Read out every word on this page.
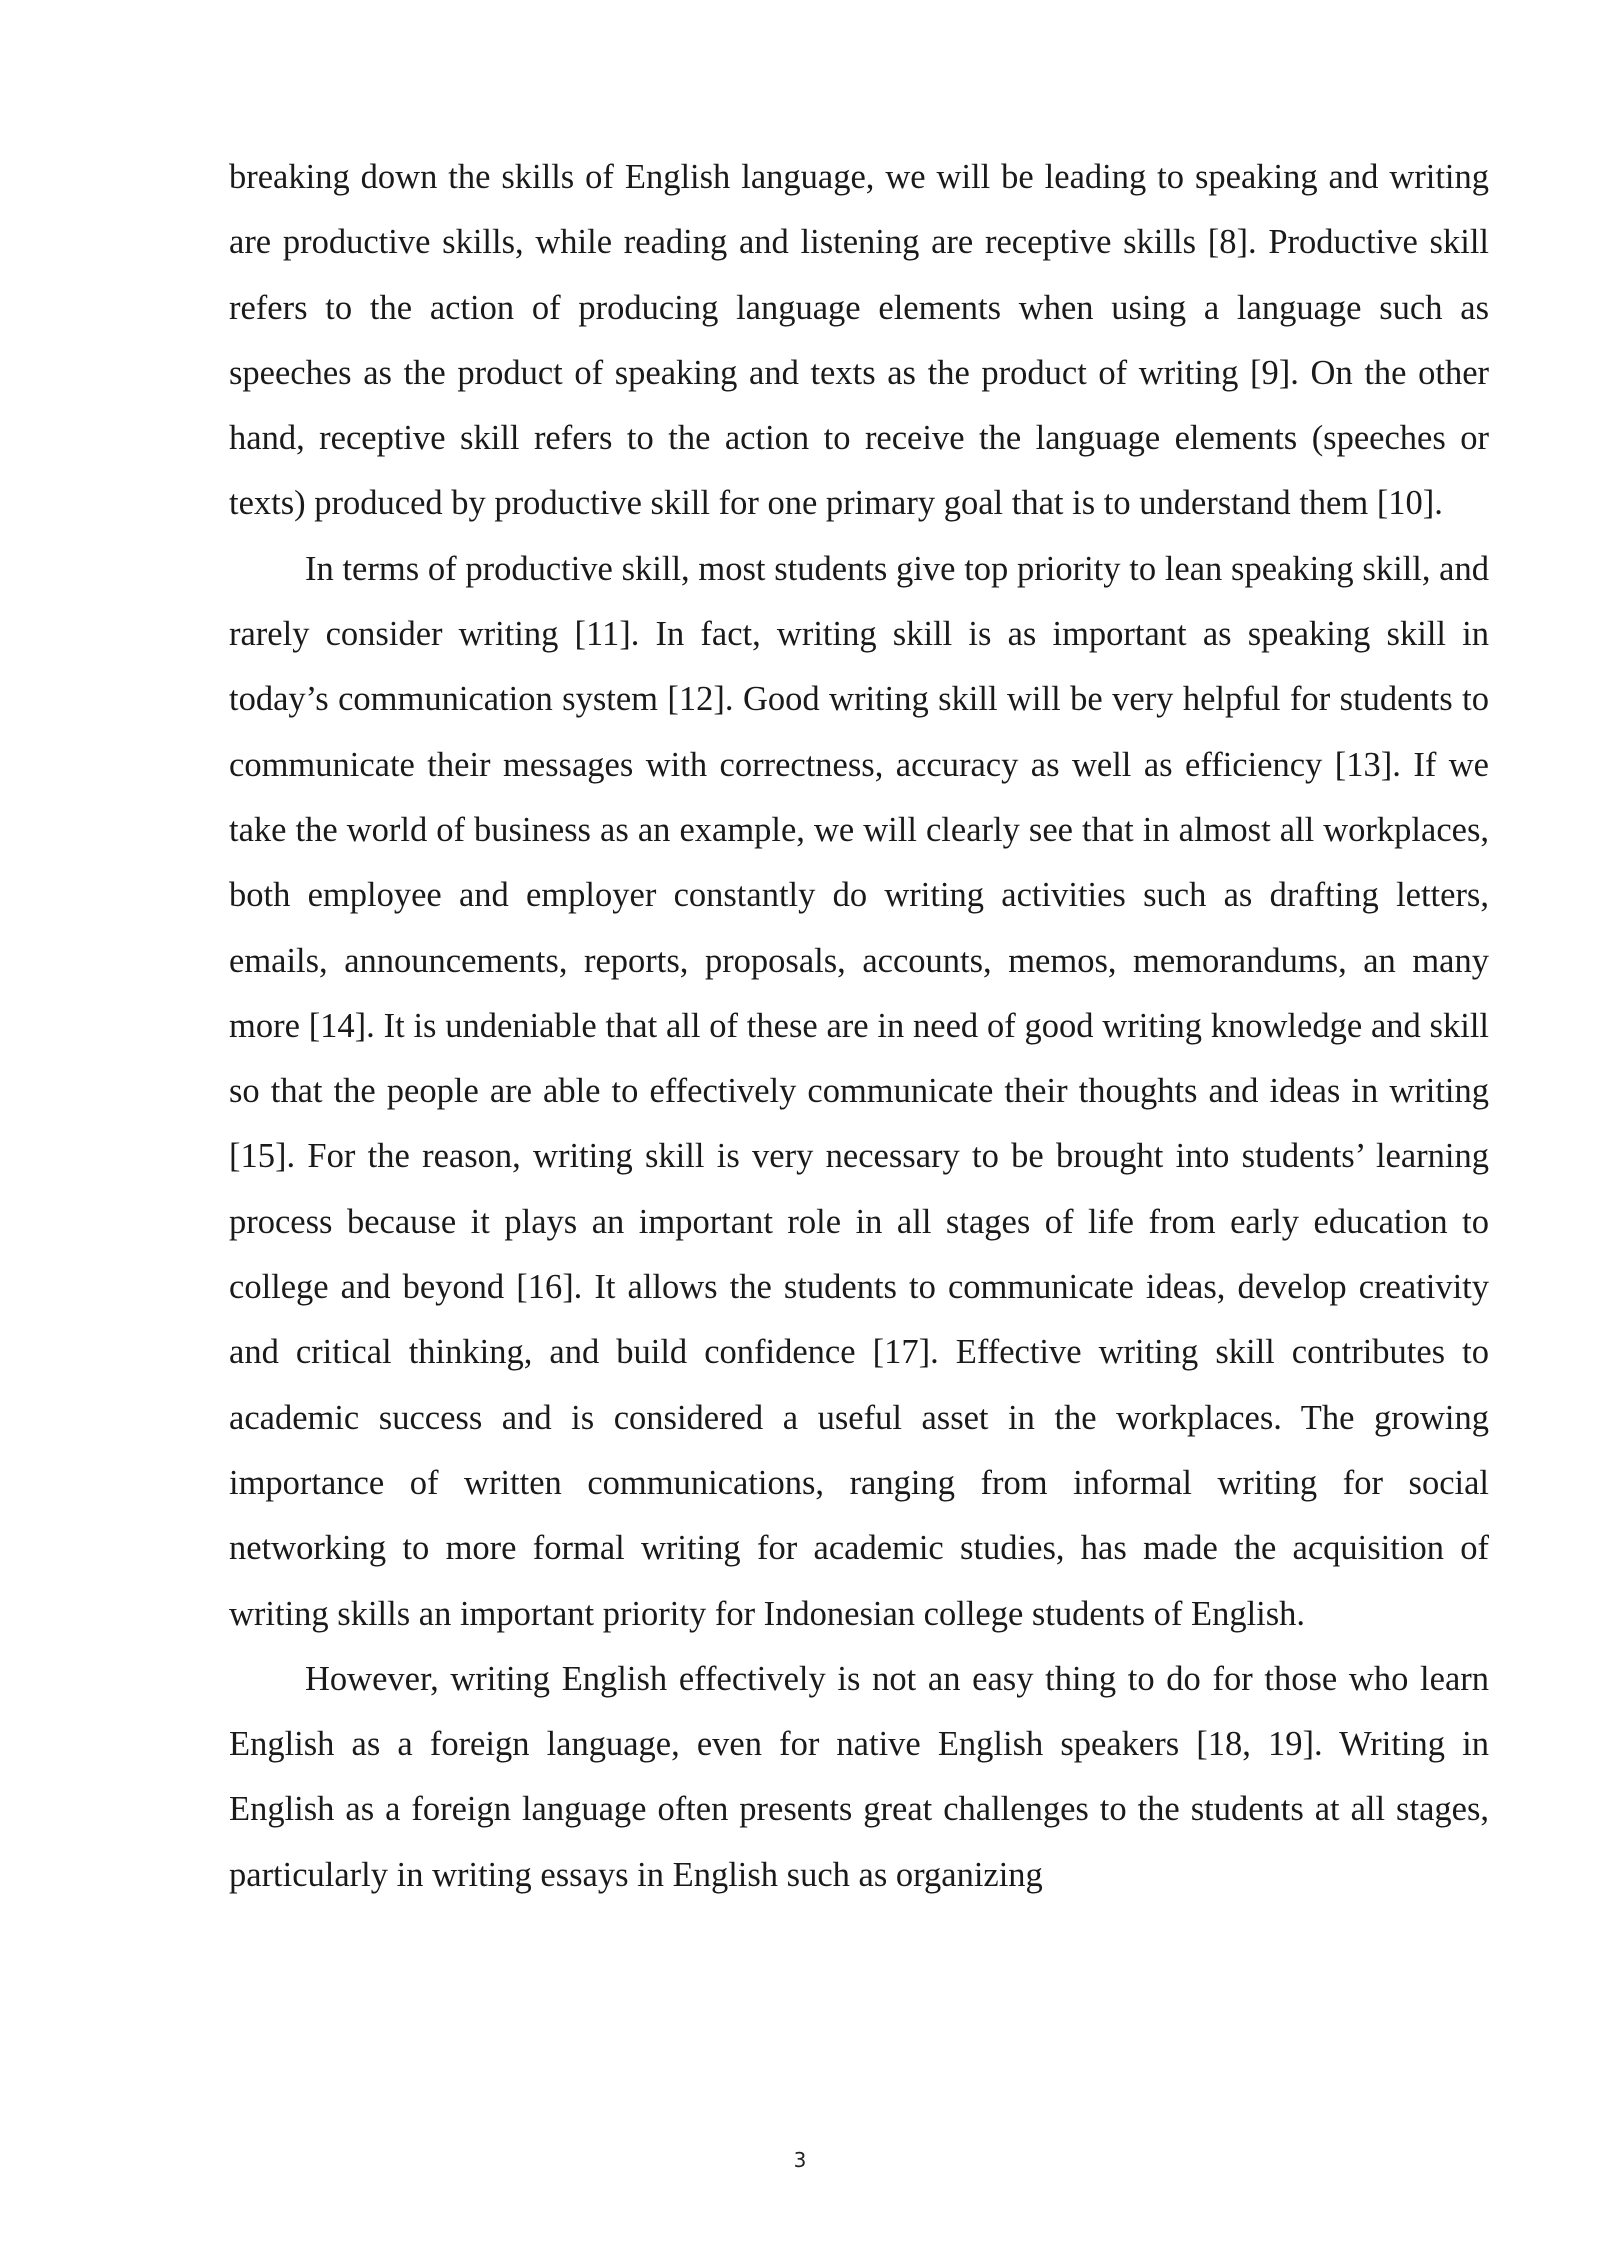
breaking down the skills of English language, we will be leading to speaking and writing are productive skills, while reading and listening are receptive skills [8]. Productive skill refers to the action of producing language elements when using a language such as speeches as the product of speaking and texts as the product of writing [9]. On the other hand, receptive skill refers to the action to receive the language elements (speeches or texts) produced by productive skill for one primary goal that is to understand them [10].

In terms of productive skill, most students give top priority to lean speaking skill, and rarely consider writing [11]. In fact, writing skill is as important as speaking skill in today’s communication system [12]. Good writing skill will be very helpful for students to communicate their messages with correctness, accuracy as well as efficiency [13]. If we take the world of business as an example, we will clearly see that in almost all workplaces, both employee and employer constantly do writing activities such as drafting letters, emails, announcements, reports, proposals, accounts, memos, memorandums, an many more [14]. It is undeniable that all of these are in need of good writing knowledge and skill so that the people are able to effectively communicate their thoughts and ideas in writing [15]. For the reason, writing skill is very necessary to be brought into students’ learning process because it plays an important role in all stages of life from early education to college and beyond [16]. It allows the students to communicate ideas, develop creativity and critical thinking, and build confidence [17]. Effective writing skill contributes to academic success and is considered a useful asset in the workplaces. The growing importance of written communications, ranging from informal writing for social networking to more formal writing for academic studies, has made the acquisition of writing skills an important priority for Indonesian college students of English.

However, writing English effectively is not an easy thing to do for those who learn English as a foreign language, even for native English speakers [18, 19]. Writing in English as a foreign language often presents great challenges to the students at all stages, particularly in writing essays in English such as organizing

3
